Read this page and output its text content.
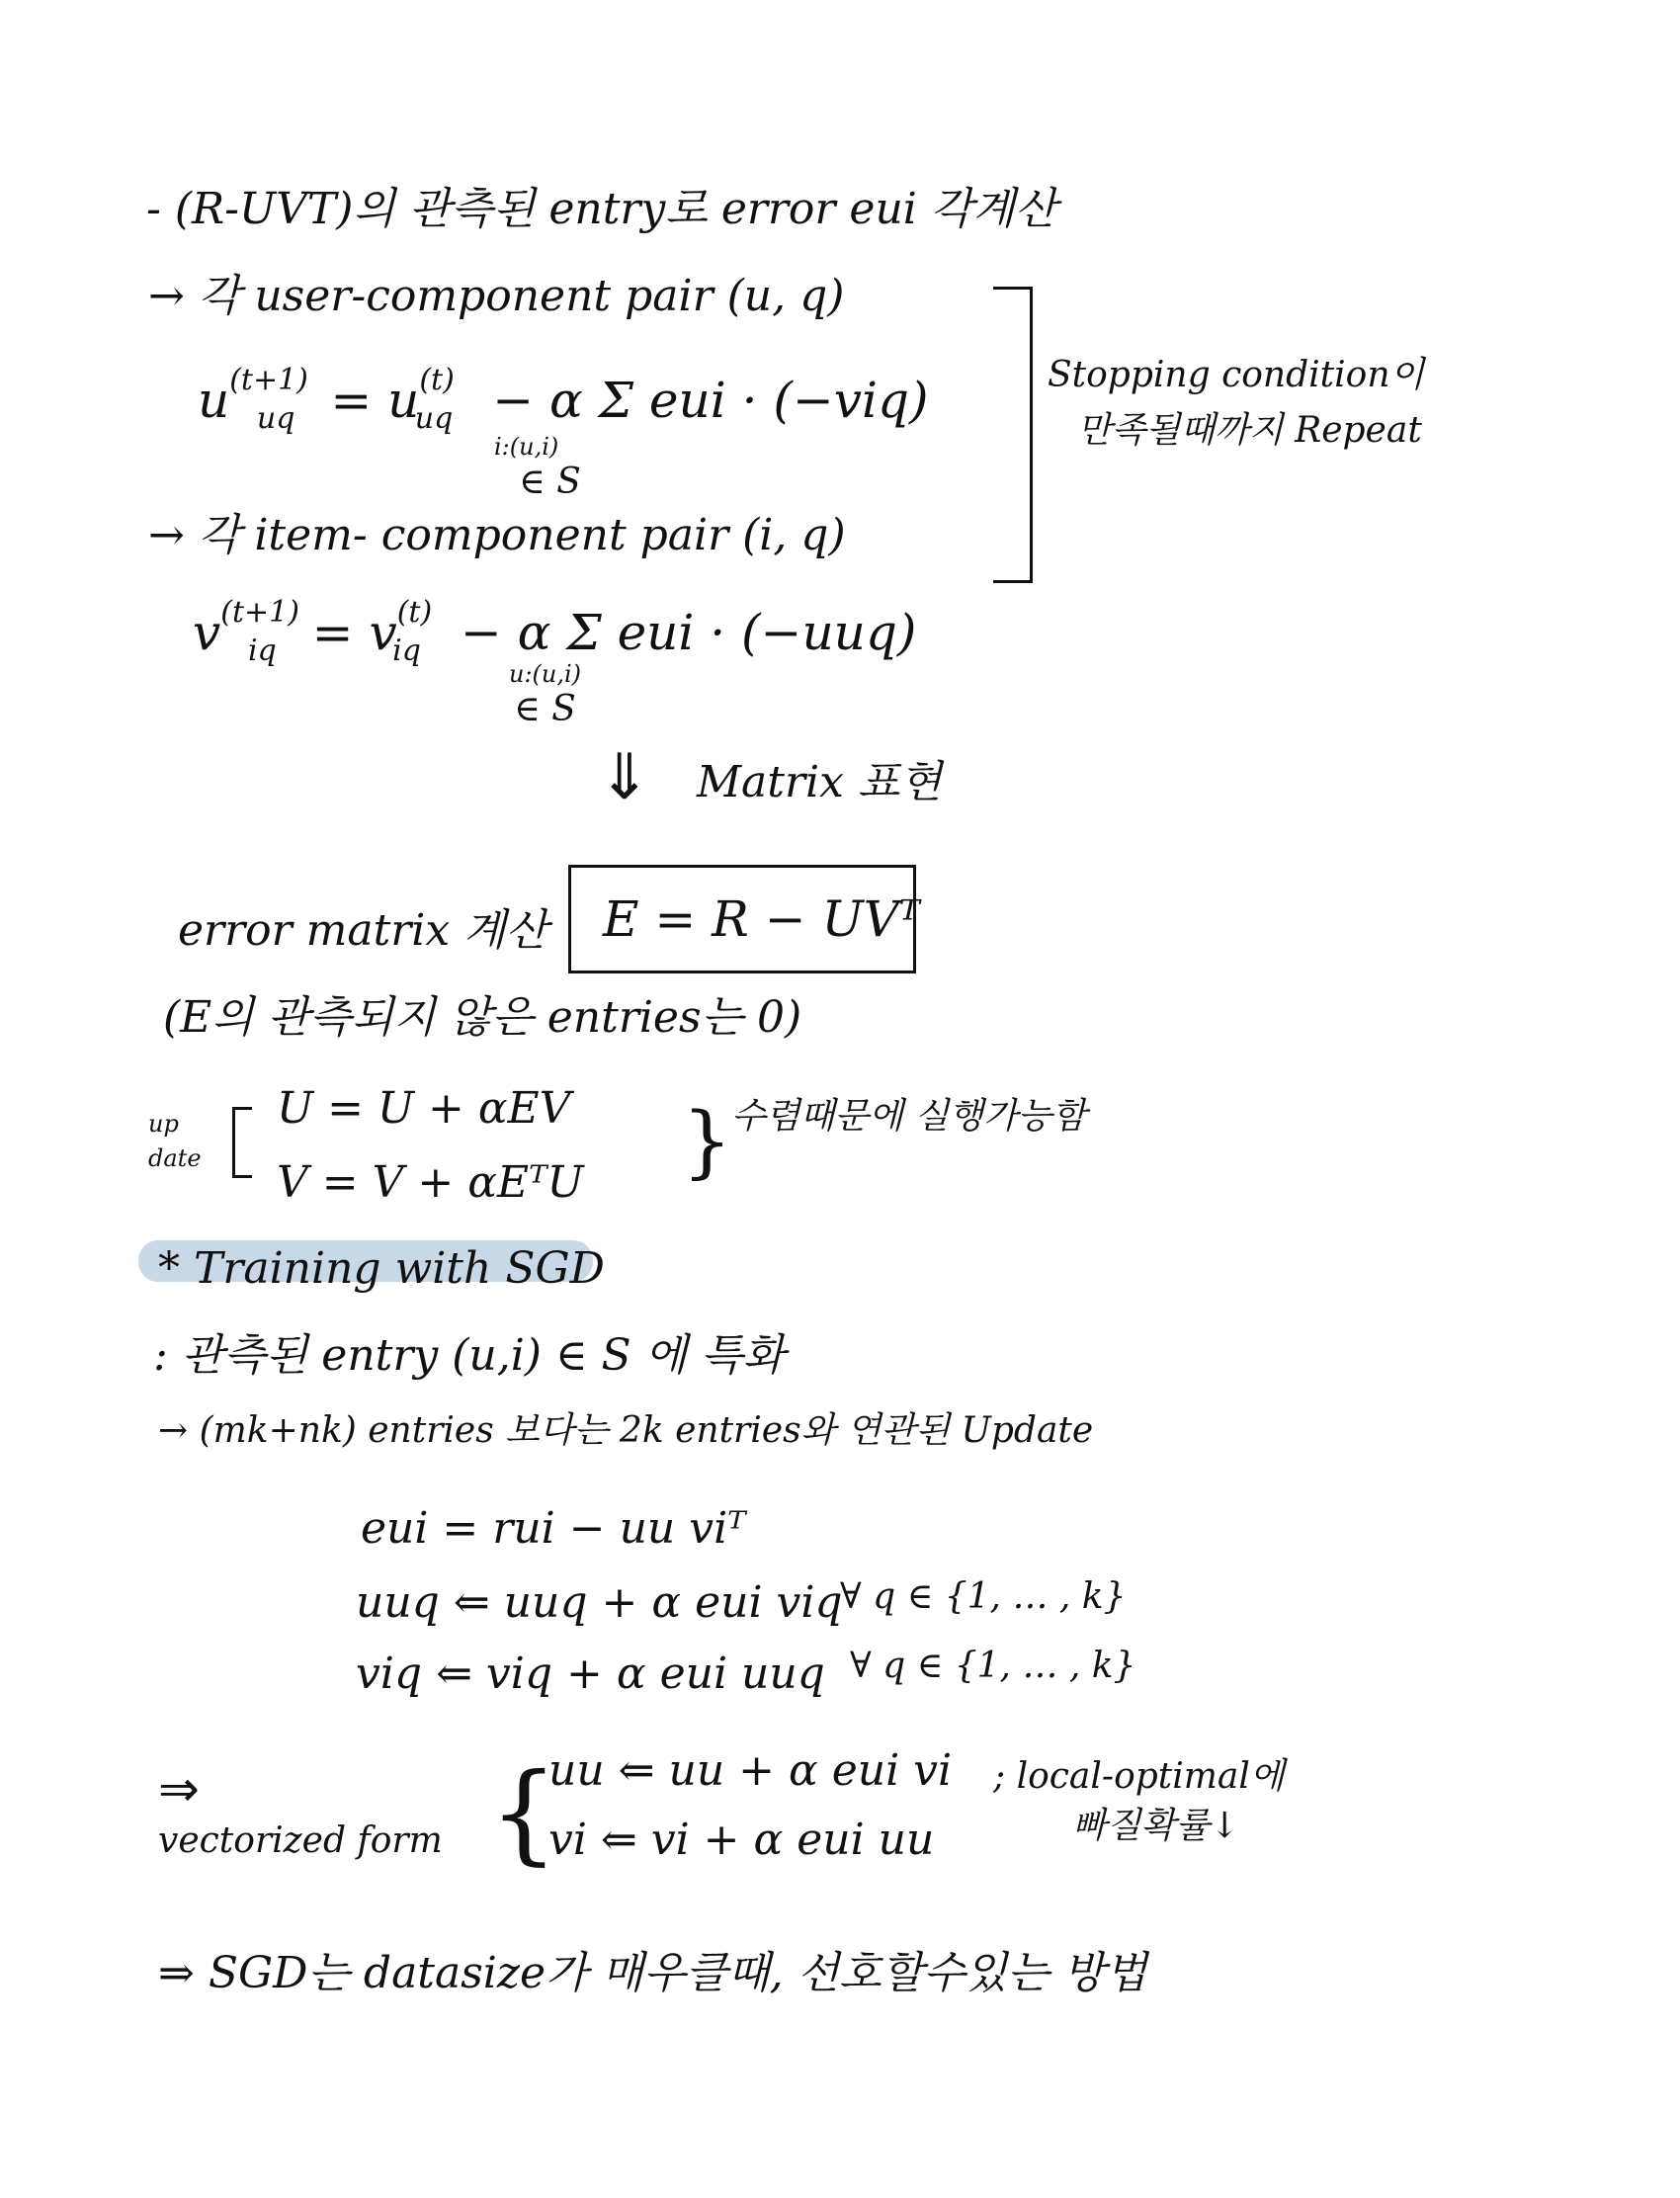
- (R-UVT)의 관측된 entry로 error eui 각계산
→ 각 user-component pair (u, q)
$u^{(t+1)}_{uq} = u^{(t)}_{uq} - \alpha$ Σ eui · (−viq)
i:(u,i)
∈ S
→ 각 item- component pair (i, q)
$v^{(t+1)}_{iq} = v^{(t)}_{iq} - \alpha$ Σ eui · (−uuq)
u:(u,i)
∈ S
Stopping condition이
만족될때까지 Repeat
⇓ Matrix 표현
error matrix 계산 E = R − UVᵀ
(E의 관측되지 않은 entries는 0)
up
date
U = U + αEV
V = V + αEᵀU } 수렴때문에 실행가능함
* Training with SGD
: 관측된 entry (u,i) ∈ S 에 특화
→ (mk+nk) entries 보다는 2k entries와 연관된 Update
eui = rui − uu viᵀ
uuq ⇐ uuq + α eui viq
∀ q ∈ {1, … , k}
viq ⇐ viq + α eui uuq ∀ q ∈ {1, … , k}
⇒
vectorized form {
uu ⇐ uu + α eui vi
vi ⇐ vi + α eui uu
; local-optimal에
빠질확률↓
⇒ SGD는 datasize가 매우클때, 선호할수있는 방법
